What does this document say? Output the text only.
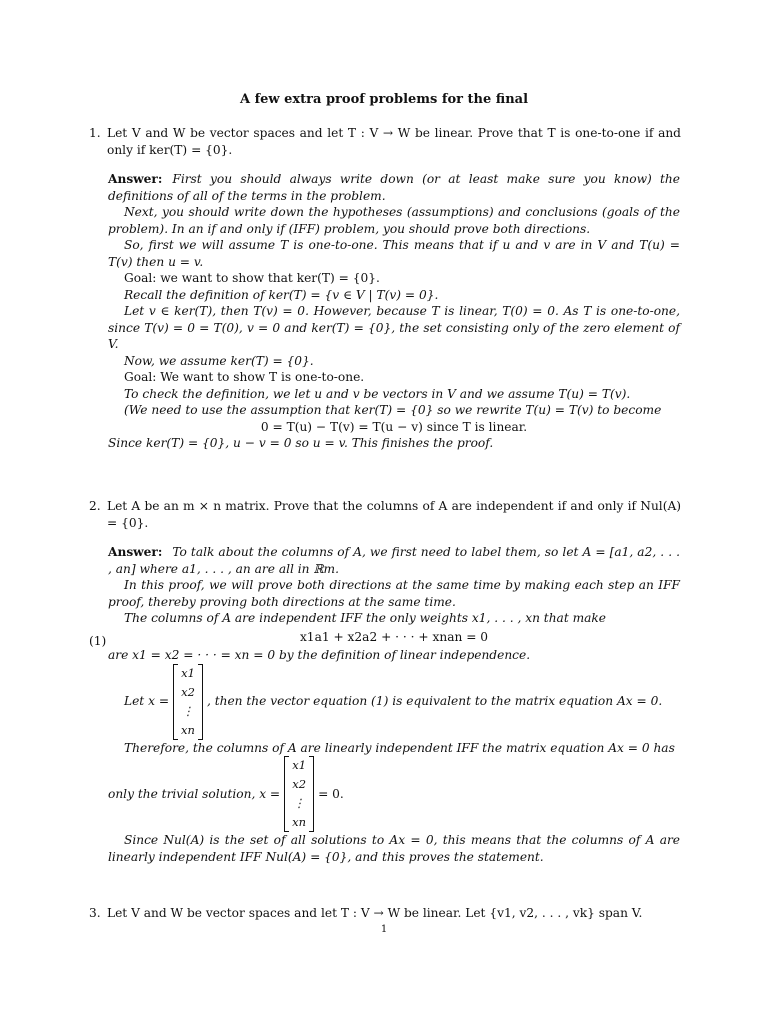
A few extra proof problems for the final
1. Let V and W be vector spaces and let T : V → W be linear. Prove that T is one-to-one if and only if ker(T) = {0}.

Answer: First you should always write down (or at least make sure you know) the definitions of all of the terms in the problem.

Next, you should write down the hypotheses (assumptions) and conclusions (goals of the problem). In an if and only if (IFF) problem, you should prove both directions.

So, first we will assume T is one-to-one. This means that if u and v are in V and T(u) = T(v) then u = v.

Goal: we want to show that ker(T) = {0}.

Recall the definition of ker(T) = {v ∈ V | T(v) = 0}.

Let v ∈ ker(T), then T(v) = 0. However, because T is linear, T(0) = 0. As T is one-to-one, since T(v) = 0 = T(0), v = 0 and ker(T) = {0}, the set consisting only of the zero element of V.

Now, we assume ker(T) = {0}.

Goal: We want to show T is one-to-one.

To check the definition, we let u and v be vectors in V and we assume T(u) = T(v).

(We need to use the assumption that ker(T) = {0} so we rewrite T(u) = T(v) to become

0 = T(u) − T(v) = T(u − v) since T is linear.

Since ker(T) = {0}, u − v = 0 so u = v. This finishes the proof.

2. Let A be an m × n matrix. Prove that the columns of A are independent if and only if Nul(A) = {0}.

Answer: To talk about the columns of A, we first need to label them, so let A = [a1, a2, . . . , an] where a1, . . . , an are all in ℝm.

In this proof, we will prove both directions at the same time by making each step an IFF proof, thereby proving both directions at the same time.

The columns of A are independent IFF the only weights x1, . . . , xn that make

x1a1 + x2a2 + · · · + xnan = 0

are x1 = x2 = · · · = xn = 0 by the definition of linear independence.

Let x =
x1
x2
⋮
xn
, then the vector equation (1) is equivalent to the matrix equation Ax = 0.

Therefore, the columns of A are linearly independent IFF the matrix equation Ax = 0 has

only the trivial solution, x =
x1
x2
⋮
xn
= 0.

Since Nul(A) is the set of all solutions to Ax = 0, this means that the columns of A are linearly independent IFF Nul(A) = {0}, and this proves the statement.

(1)
3. Let V and W be vector spaces and let T : V → W be linear. Let {v1, v2, . . . , vk} span V.
1
